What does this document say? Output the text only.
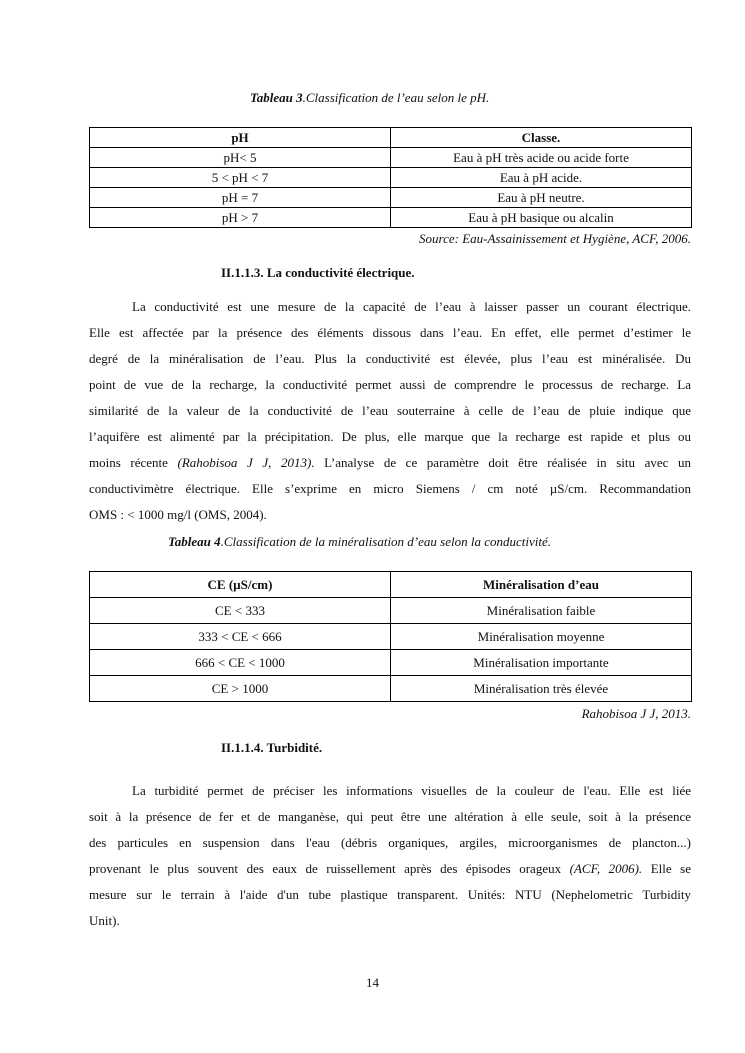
Tableau 3.Classification de l’eau selon le pH.
pH	Classe.
pH< 5	Eau à pH très acide ou acide forte
5 < pH < 7	Eau à pH acide.
pH = 7	Eau à pH neutre.
pH > 7	Eau à pH basique ou alcalin
Source: Eau-Assainissement et Hygiène, ACF, 2006.
II.1.1.3. La conductivité électrique.
La conductivité est une mesure de la capacité de l’eau à laisser passer un courant électrique.
Elle est affectée par la présence des éléments dissous dans l’eau. En effet, elle permet d’estimer le
degré de la minéralisation de l’eau. Plus la conductivité est élevée, plus l’eau est minéralisée. Du
point de vue de la recharge, la conductivité permet aussi de comprendre le processus de recharge. La
similarité de la valeur de la conductivité de l’eau souterraine à celle de l’eau de pluie indique que
l’aquifère est alimenté par la précipitation. De plus, elle marque que la recharge est rapide et plus ou
moins récente (Rahobisoa J J, 2013). L’analyse de ce paramètre doit être réalisée in situ avec un
conductivimètre électrique. Elle s’exprime en micro Siemens / cm noté µS/cm. Recommandation
OMS : < 1000 mg/l (OMS, 2004).
Tableau 4.Classification de la minéralisation d’eau selon la conductivité.
CE (µS/cm)	Minéralisation d’eau
CE < 333	Minéralisation faible
333 < CE < 666	Minéralisation moyenne
666 < CE < 1000	Minéralisation importante
CE > 1000	Minéralisation très élevée
Rahobisoa J J, 2013.
II.1.1.4. Turbidité.
La turbidité permet de préciser les informations visuelles de la couleur de l'eau. Elle est liée
soit à la présence de fer et de manganèse, qui peut être une altération à elle seule, soit à la présence
des particules en suspension dans l'eau (débris organiques, argiles, microorganismes de plancton...)
provenant le plus souvent des eaux de ruissellement après des épisodes orageux (ACF, 2006). Elle se
mesure sur le terrain à l'aide d'un tube plastique transparent. Unités: NTU (Nephelometric Turbidity
Unit).
14
